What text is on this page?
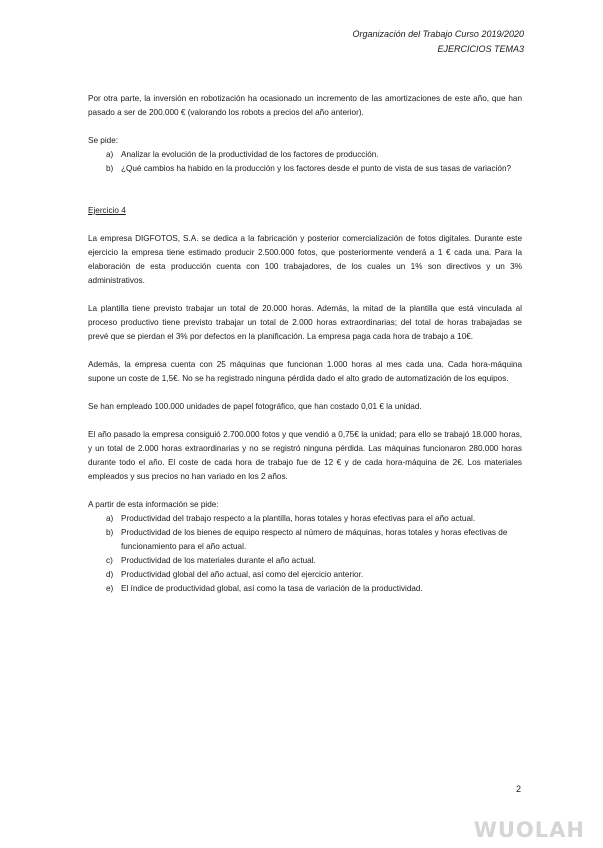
Organización del Trabajo Curso 2019/2020
EJERCICIOS TEMA3

Por otra parte, la inversión en robotización ha ocasionado un incremento de las amortizaciones de este año, que han pasado a ser de 200.000 € (valorando los robots a precios del año anterior).

Se pide:

a) Analizar la evolución de la productividad de los factores de producción.
b) ¿Qué cambios ha habido en la producción y los factores desde el punto de vista de sus tasas de variación?

Ejercicio 4

La empresa DIGFOTOS, S.A. se dedica a la fabricación y posterior comercialización de fotos digitales. Durante este ejercicio la empresa tiene estimado producir 2.500.000 fotos, que posteriormente venderá a 1 € cada una. Para la elaboración de esta producción cuenta con 100 trabajadores, de los cuales un 1% son directivos y un 3% administrativos.

La plantilla tiene previsto trabajar un total de 20.000 horas. Además, la mitad de la plantilla que está vinculada al proceso productivo tiene previsto trabajar un total de 2.000 horas extraordinarias; del total de horas trabajadas se prevé que se pierdan el 3% por defectos en la planificación. La empresa paga cada hora de trabajo a 10€.

Además, la empresa cuenta con 25 máquinas que funcionan 1.000 horas al mes cada una. Cada hora-máquina supone un coste de 1,5€. No se ha registrado ninguna pérdida dado el alto grado de automatización de los equipos.

Se han empleado 100.000 unidades de papel fotográfico, que han costado 0,01 € la unidad.

El año pasado la empresa consiguió 2.700.000 fotos y que vendió a 0,75€ la unidad; para ello se trabajó 18.000 horas, y un total de 2.000 horas extraordinarias y no se registró ninguna pérdida. Las máquinas funcionaron 280.000 horas durante todo el año. El coste de cada hora de trabajo fue de 12 € y de cada hora-máquina de 2€. Los materiales empleados y sus precios no han variado en los 2 años.

A partir de esta información se pide:

a) Productividad del trabajo respecto a la plantilla, horas totales y horas efectivas para el año actual.
b) Productividad de los bienes de equipo respecto al número de máquinas, horas totales y horas efectivas de funcionamiento para el año actual.
c) Productividad de los materiales durante el año actual.
d) Productividad global del año actual, así como del ejercicio anterior.
e) El índice de productividad global, así como la tasa de variación de la productividad.
2
WUOLAH
